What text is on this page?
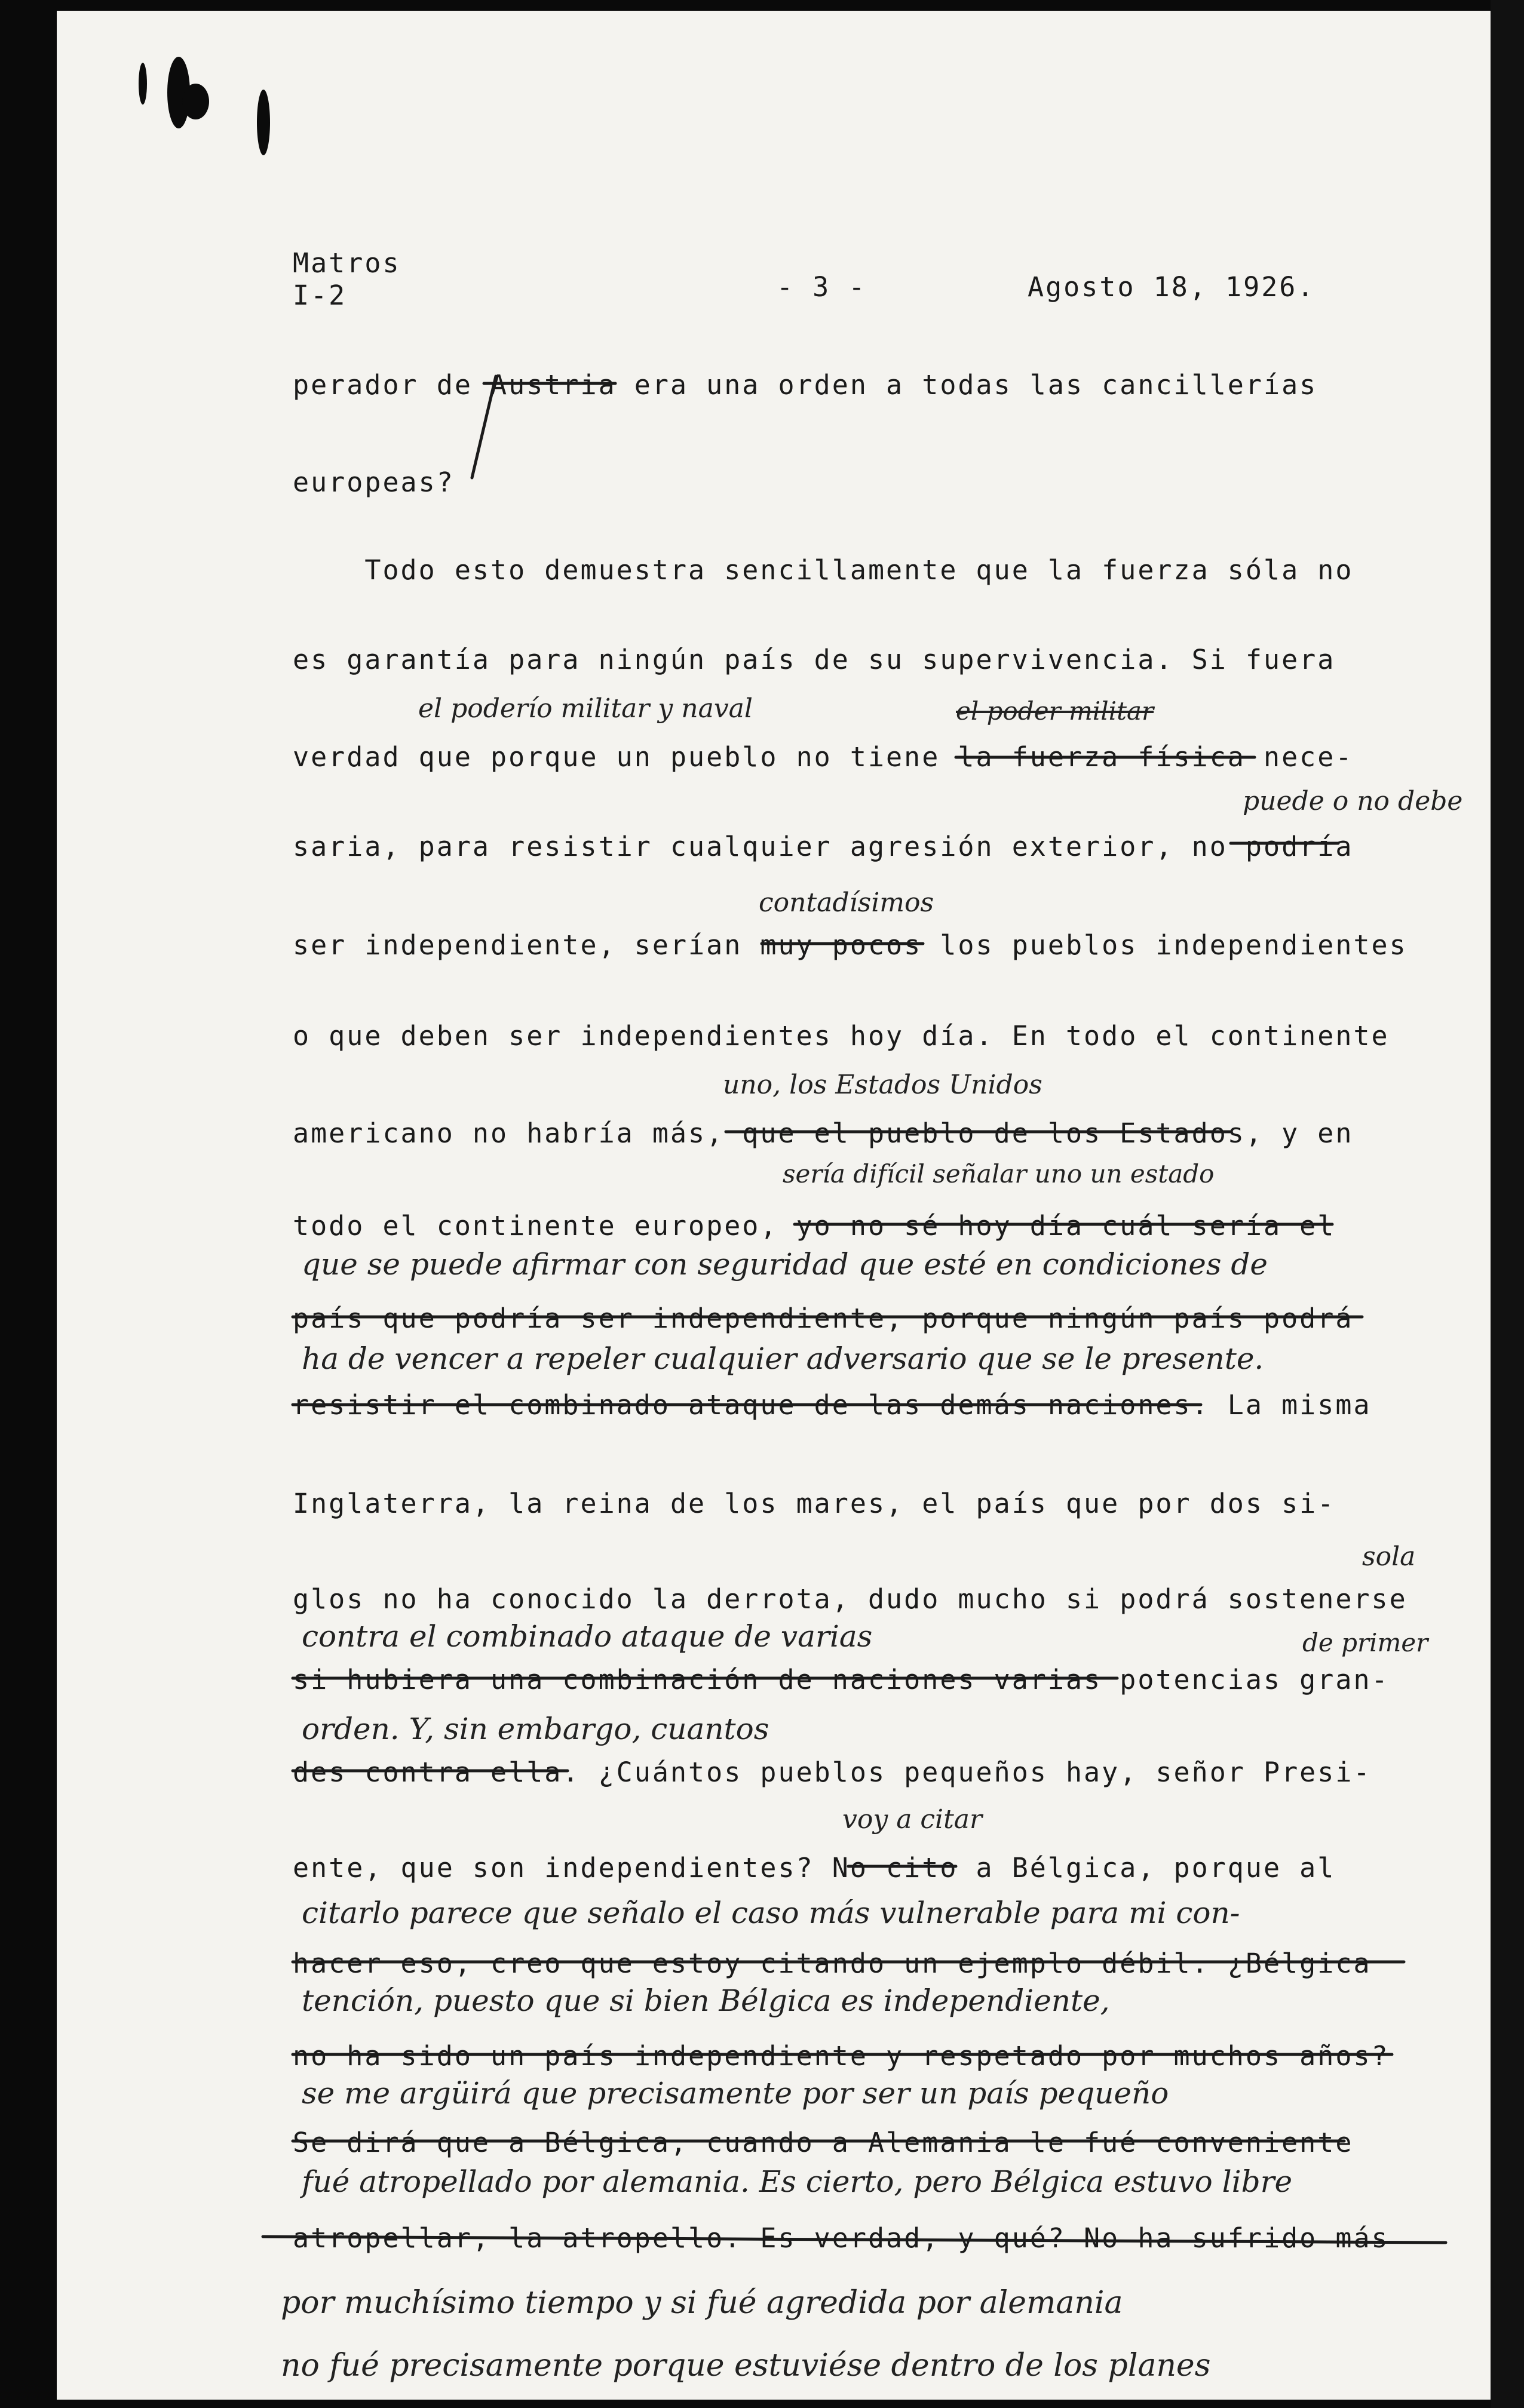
Matros

I-2	- 3 -	Agosto 18, 1926.

perador de Austria era una orden a todas las cancillerías

europeas?

Todo esto demuestra sencillamente que la fuerza sóla no

es garantía para ningún país de su supervivencia. Si fuera

verdad que porque un pueblo no tiene la fuerza física nece-

saria, para resistir cualquier agresión exterior, no podría

ser independiente, serían muy pocos los pueblos independientes

o que deben ser independientes hoy día. En todo el continente

americano no habría más, que el pueblo de los Estados, y en

todo el continente europeo, yo no sé hoy día cuál sería el

país que podría ser independiente, porque ningún país podrá

resistir el combinado ataque de las demás naciones. La misma

Inglaterra, la reina de los mares, el país que por dos si-

glos no ha conocido la derrota, dudo mucho si podrá sostenerse

si hubiera una combinación de naciones varias potencias gran-

des contra ella. ¿Cuántos pueblos pequeños hay, señor Presi-

ente, que son independientes? No cito a Bélgica, porque al

hacer eso, creo que estoy citando un ejemplo débil. ¿Bélgica

no ha sido un país independiente y respetado por muchos años?

Se dirá que a Bélgica, cuando a Alemania le fué conveniente

atropellar, la atropello. Es verdad, y qué? No ha sufrido más

el poderío militar y naval	el poder militar

puede o no debe

contadísimos

uno, los Estados Unidos

sería difícil señalar uno un estado

que se puede afirmar con seguridad que esté en condiciones de

ha de vencer a repeler cualquier adversario que se le presente.

sola

contra el combinado ataque de varias	de primer

orden. Y, sin embargo, cuantos

voy a citar

citarlo parece que señalo el caso más vulnerable para mi con-

tención, puesto que si bien Bélgica es independiente,

se me argüirá que precisamente por ser un país pequeño

fué atropellado por alemania. Es cierto, pero Bélgica estuvo libre

por muchísimo tiempo y si fué agredida por alemania

no fué precisamente porque estuviése dentro de los planes
